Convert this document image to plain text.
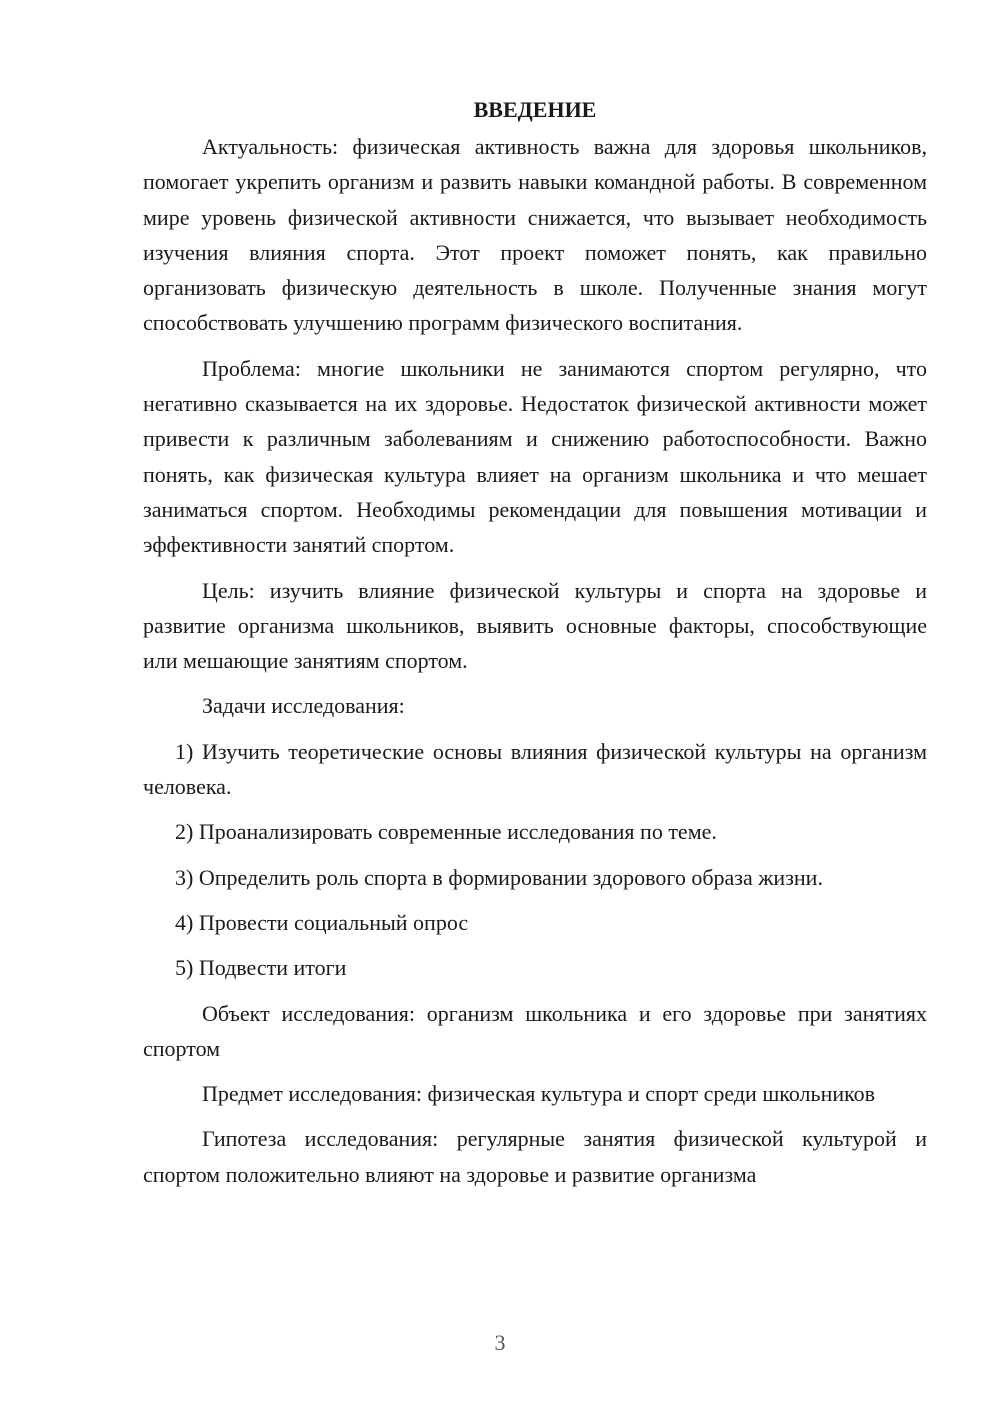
ВВЕДЕНИЕ

Актуальность: физическая активность важна для здоровья школьников, помогает укрепить организм и развить навыки командной работы. В современном мире уровень физической активности снижается, что вызывает необходимость изучения влияния спорта. Этот проект поможет понять, как правильно организовать физическую деятельность в школе. Полученные знания могут способствовать улучшению программ физического воспитания.

Проблема: многие школьники не занимаются спортом регулярно, что негативно сказывается на их здоровье. Недостаток физической активности может привести к различным заболеваниям и снижению работоспособности. Важно понять, как физическая культура влияет на организм школьника и что мешает заниматься спортом. Необходимы рекомендации для повышения мотивации и эффективности занятий спортом.

Цель: изучить влияние физической культуры и спорта на здоровье и развитие организма школьников, выявить основные факторы, способствующие или мешающие занятиям спортом.

Задачи исследования:

1) Изучить теоретические основы влияния физической культуры на организм человека.

2) Проанализировать современные исследования по теме.

3) Определить роль спорта в формировании здорового образа жизни.

4) Провести социальный опрос

5) Подвести итоги

Объект исследования: организм школьника и его здоровье при занятиях спортом

Предмет исследования: физическая культура и спорт среди школьников

Гипотеза исследования: регулярные занятия физической культурой и спортом положительно влияют на здоровье и развитие организма

3
